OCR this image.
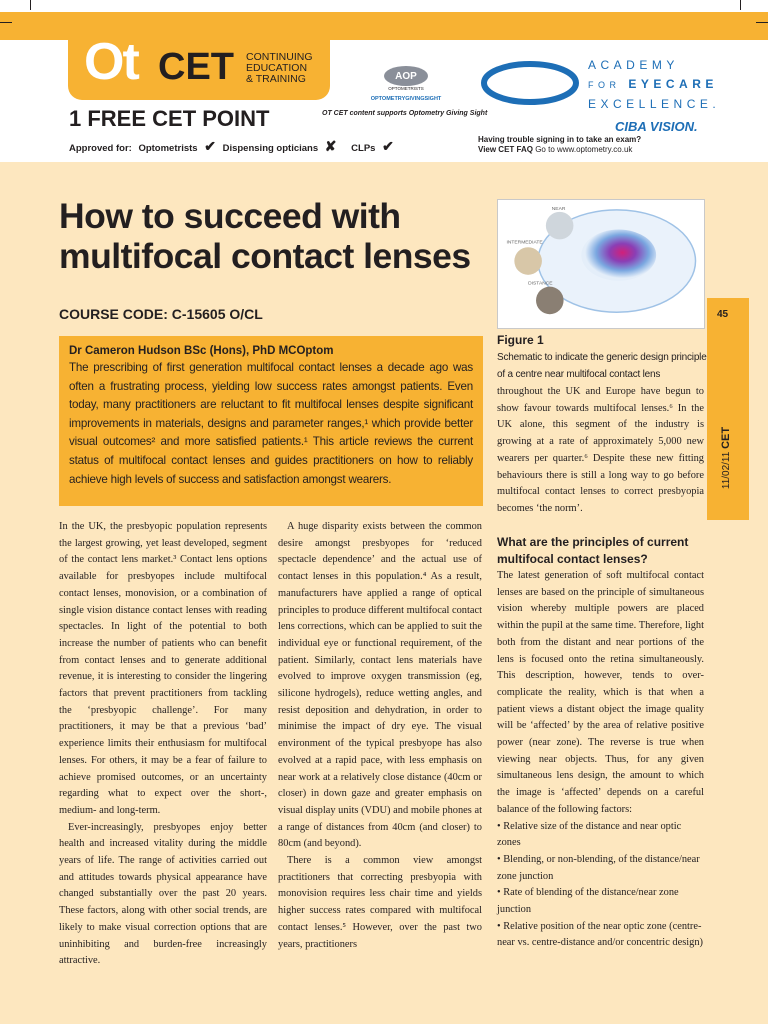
Ot CET CONTINUING
EDUCATION
& TRAINING
1 FREE CET POINT
Approved for: Optometrists ✔ Dispensing opticians ✘ CLPs ✔
AOP
OPTOMETRISTS
OPTOMETRYGIVINGSIGHT
OT CET content supports Optometry Giving Sight
ACADEMY
FOR EYECARE
EXCELLENCE.
CIBA VISION.
Having trouble signing in to take an exam?
View CET FAQ Go to www.optometry.co.uk
How to succeed with multifocal contact lenses
COURSE CODE: C-15605 O/CL
Dr Cameron Hudson BSc (Hons), PhD MCOptom
The prescribing of first generation multifocal contact lenses a decade ago was often a frustrating process, yielding low success rates amongst patients. Even today, many practitioners are reluctant to fit multifocal lenses despite significant improvements in materials, designs and parameter ranges,¹ which provide better visual outcomes² and more satisfied patients.¹ This article reviews the current status of multifocal contact lenses and guides practitioners on how to reliably achieve high levels of success and satisfaction amongst wearers.
NEAR
INTERMEDIATE
DISTANCE
Figure 1
Schematic to indicate the generic design principle of a centre near multifocal contact lens

In the UK, the presbyopic population represents the largest growing, yet least developed, segment of the contact lens market.³ Contact lens options available for presbyopes include multifocal contact lenses, monovision, or a combination of single vision distance contact lenses with reading spectacles. In light of the potential to both increase the number of patients who can benefit from contact lenses and to generate additional revenue, it is interesting to consider the lingering factors that prevent practitioners from tackling the ‘presbyopic challenge’. For many practitioners, it may be that a previous ‘bad’ experience limits their enthusiasm for multifocal lenses. For others, it may be a fear of failure to achieve promised outcomes, or an uncertainty regarding what to expect over the short-, medium- and long-term.

Ever-increasingly, presbyopes enjoy better health and increased vitality during the middle years of life. The range of activities carried out and attitudes towards physical appearance have changed substantially over the past 20 years. These factors, along with other social trends, are likely to make visual correction options that are uninhibiting and burden-free increasingly attractive.

A huge disparity exists between the common desire amongst presbyopes for ‘reduced spectacle dependence’ and the actual use of contact lenses in this population.⁴ As a result, manufacturers have applied a range of optical principles to produce different multifocal contact lens corrections, which can be applied to suit the individual eye or functional requirement, of the patient. Similarly, contact lens materials have evolved to improve oxygen transmission (eg, silicone hydrogels), reduce wetting angles, and resist deposition and dehydration, in order to minimise the impact of dry eye. The visual environment of the typical presbyope has also evolved at a rapid pace, with less emphasis on near work at a relatively close distance (40cm or closer) in down gaze and greater emphasis on visual display units (VDU) and mobile phones at a range of distances from 40cm (and closer) to 80cm (and beyond).

There is a common view amongst practitioners that correcting presbyopia with monovision requires less chair time and yields higher success rates compared with multifocal contact lenses.⁵ However, over the past two years, practitioners

throughout the UK and Europe have begun to show favour towards multifocal lenses.⁶ In the UK alone, this segment of the industry is growing at a rate of approximately 5,000 new wearers per quarter.⁶ Despite these new fitting behaviours there is still a long way to go before multifocal contact lenses to correct presbyopia becomes ‘the norm’.

What are the principles of current multifocal contact lenses?

The latest generation of soft multifocal contact lenses are based on the principle of simultaneous vision whereby multiple powers are placed within the pupil at the same time. Therefore, light both from the distant and near portions of the lens is focused onto the retina simultaneously. This description, however, tends to over-complicate the reality, which is that when a patient views a distant object the image quality will be ‘affected’ by the area of relative positive power (near zone). The reverse is true when viewing near objects. Thus, for any given simultaneous lens design, the amount to which the image is ‘affected’ depends on a careful balance of the following factors:

• Relative size of the distance and near optic zones
• Blending, or non-blending, of the distance/near zone junction
• Rate of blending of the distance/near zone junction
• Relative position of the near optic zone (centre-near vs. centre-distance and/or concentric design)
45
11/02/11 CET
